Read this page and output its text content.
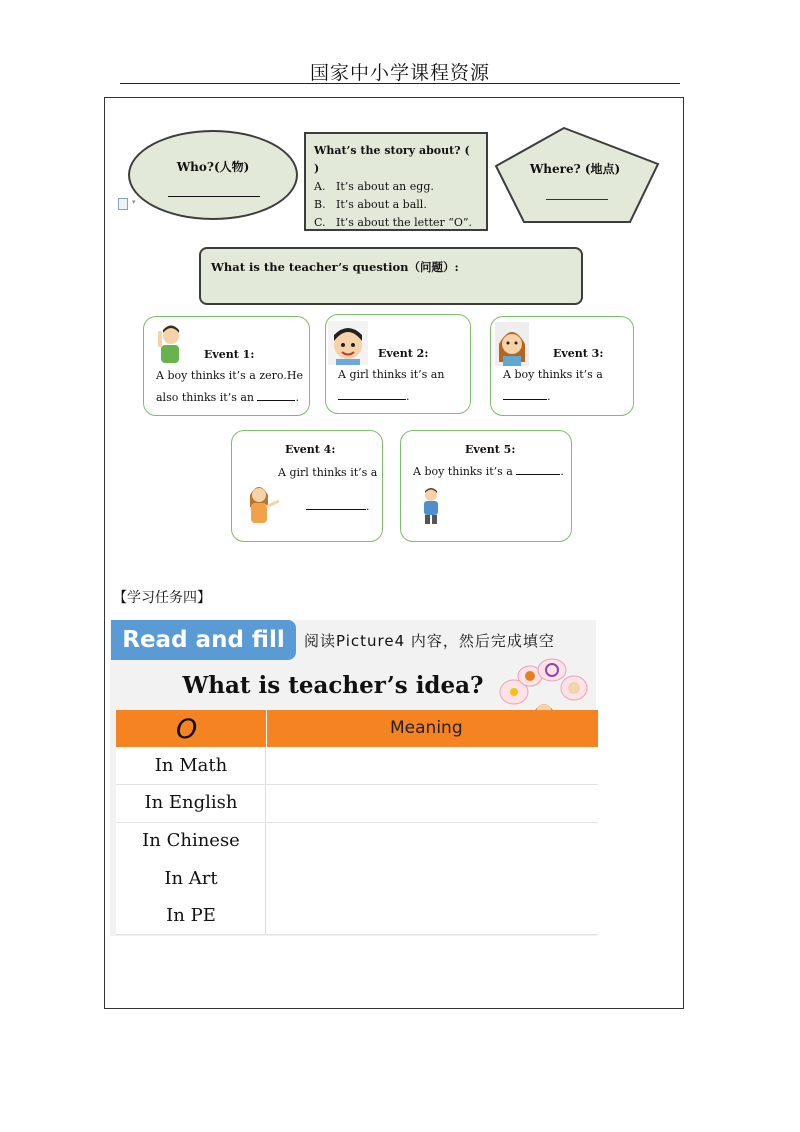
国家中小学课程资源
Who?(人物)
▾
What’s the story about? ( )
A. It’s about an egg.
B. It’s about a ball.
C. It’s about the letter “O”.
Where? (地点)
What is the teacher’s question（问题）:
Event 1:
A boy thinks it’s a zero.He
also thinks it’s an	.
Event 2:
A girl thinks it’s an
.
Event 3:
A boy thinks it’s a
.
Event 4:
A girl thinks it’s a
.
Event 5:
A boy thinks it’s a	.
【学习任务四】
Read and fill	阅读Picture4 内容，然后完成填空
What is teacher’s idea?
O	Meaning
In Math
In English
In Chinese
In Art
In PE
